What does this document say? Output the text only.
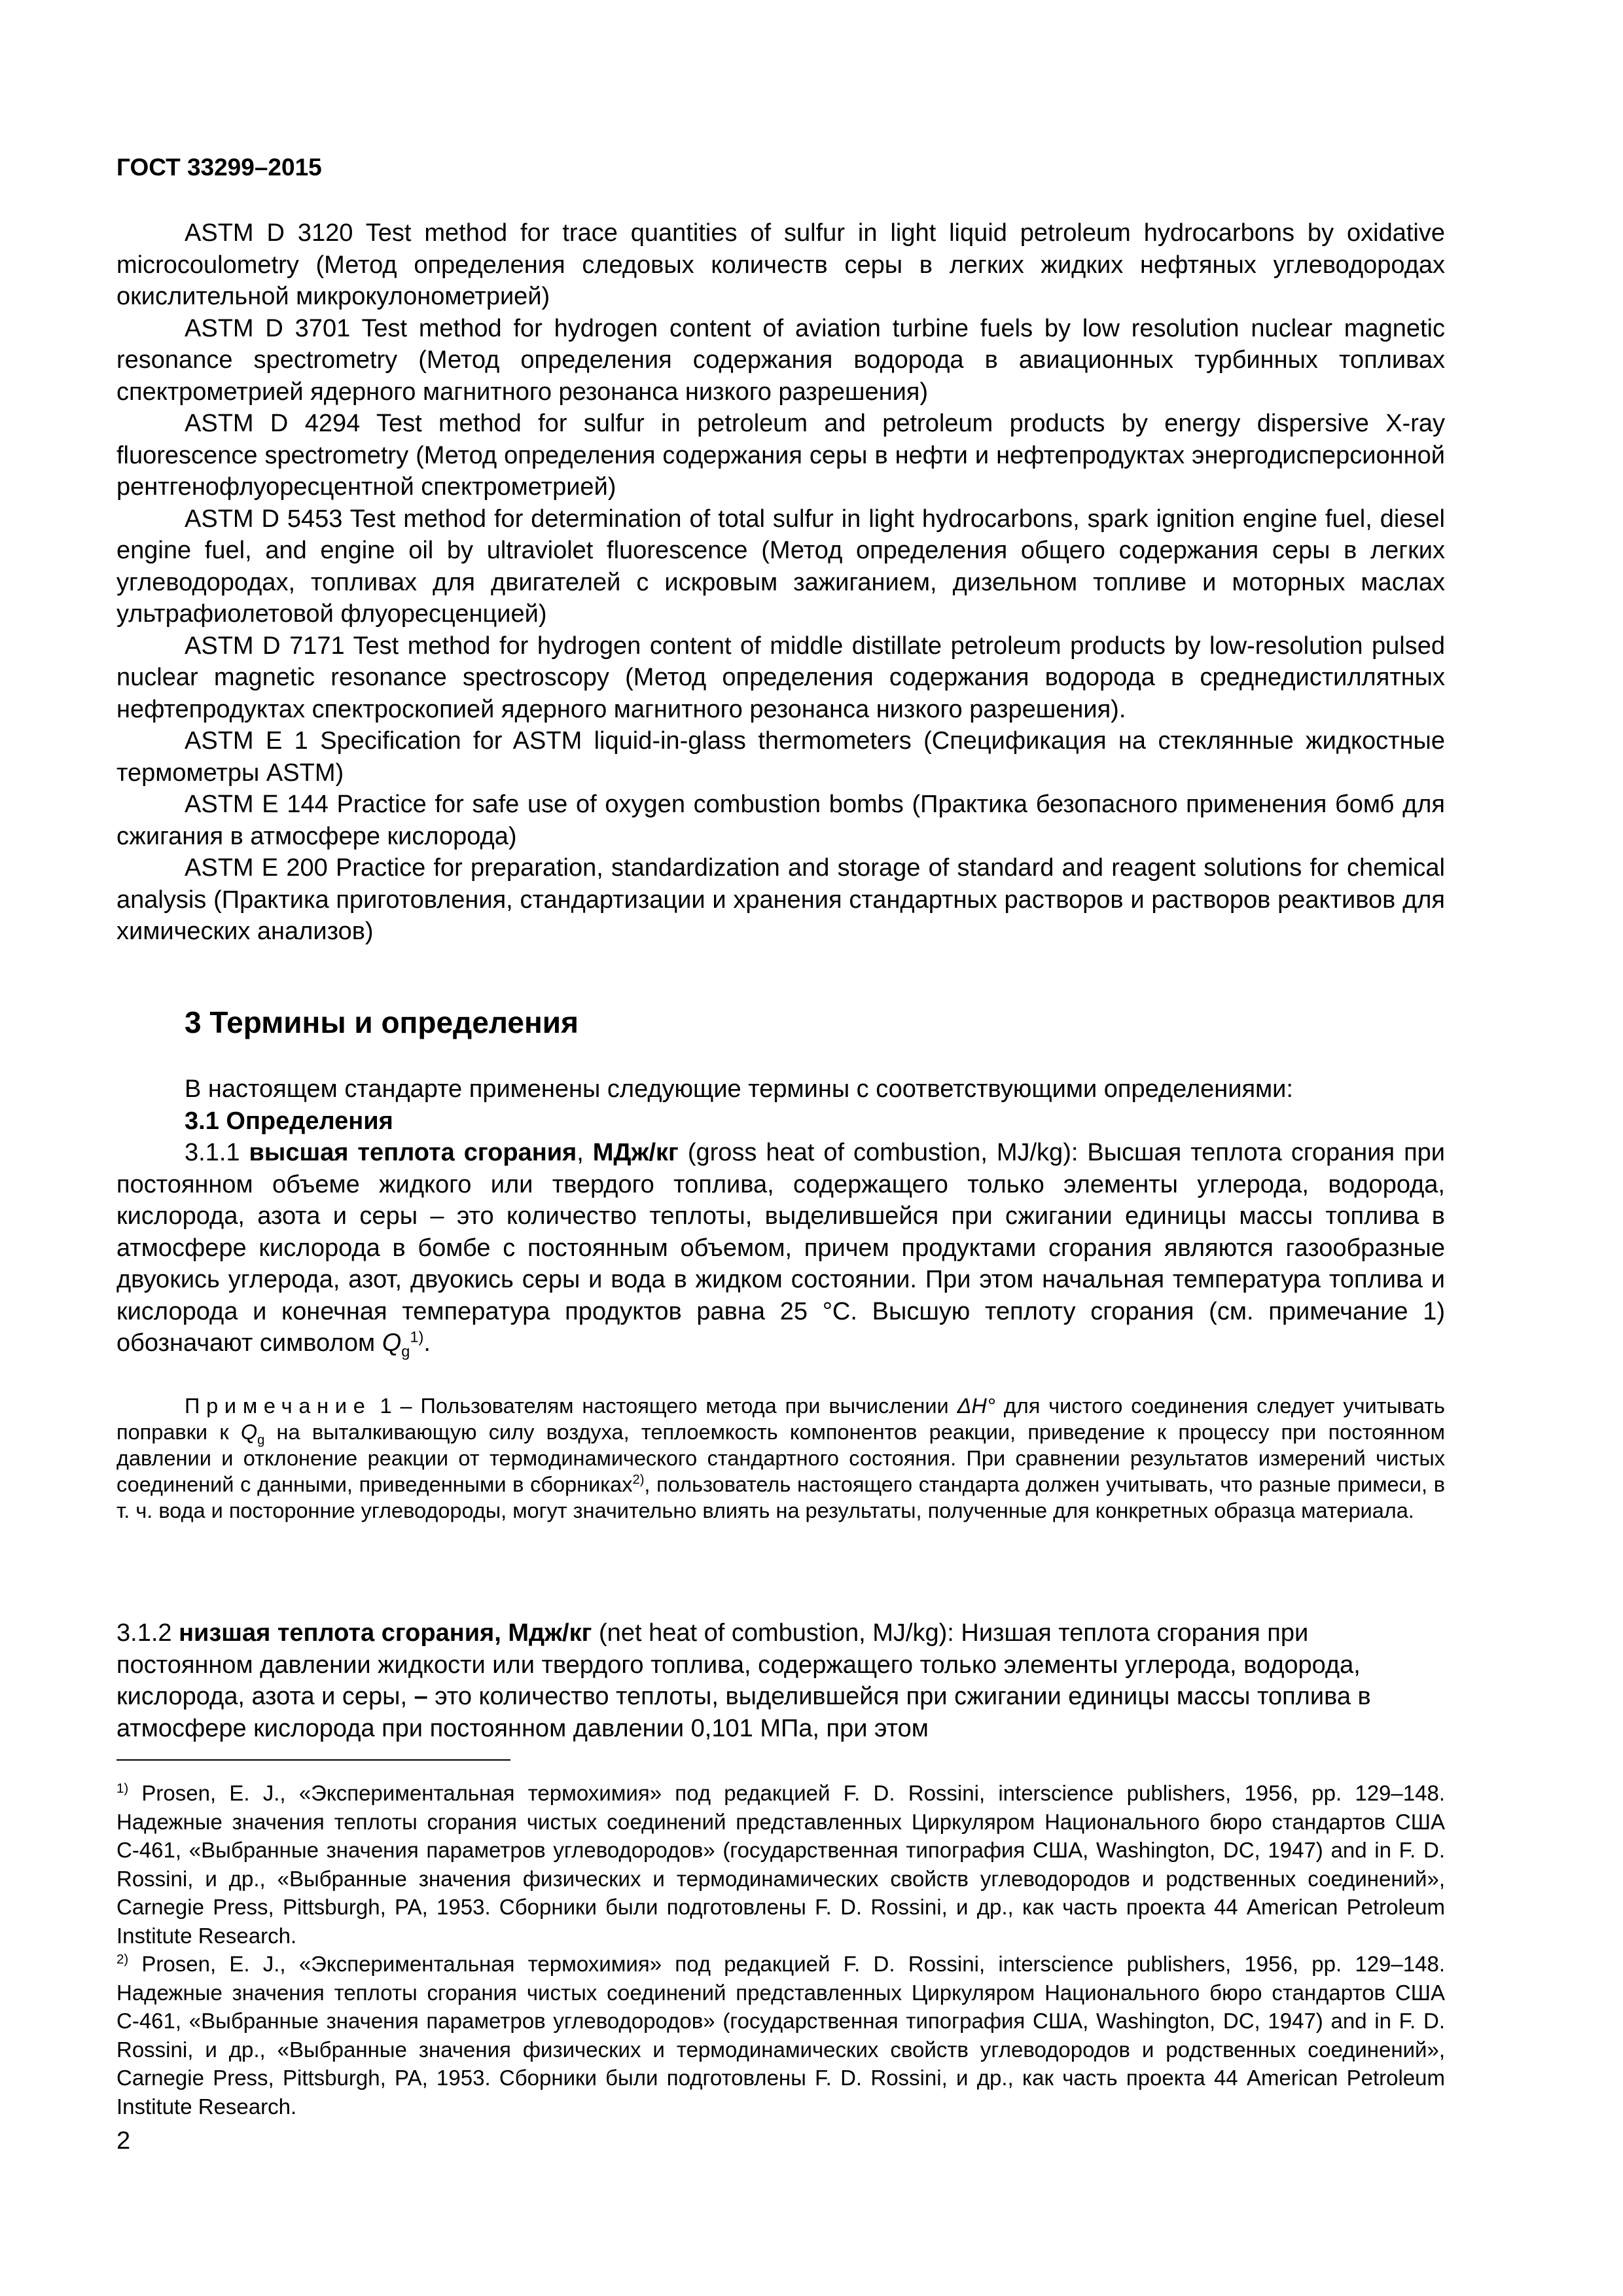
ГОСТ 33299–2015

ASTM D 3120 Test method for trace quantities of sulfur in light liquid petroleum hydrocarbons by oxidative microcoulometry (Метод определения следовых количеств серы в легких жидких нефтяных углеводородах окислительной микрокулонометрией)

ASTM D 3701 Test method for hydrogen content of aviation turbine fuels by low resolution nuclear magnetic resonance spectrometry (Метод определения содержания водорода в авиационных турбинных топливах спектрометрией ядерного магнитного резонанса низкого разрешения)

ASTM D 4294 Test method for sulfur in petroleum and petroleum products by energy dispersive X-ray fluorescence spectrometry (Метод определения содержания серы в нефти и нефтепродуктах энергодисперсионной рентгенофлуоресцентной спектрометрией)

ASTM D 5453 Test method for determination of total sulfur in light hydrocarbons, spark ignition engine fuel, diesel engine fuel, and engine oil by ultraviolet fluorescence (Метод определения общего содержания серы в легких углеводородах, топливах для двигателей с искровым зажиганием, дизельном топливе и моторных маслах ультрафиолетовой флуоресценцией)

ASTM D 7171 Test method for hydrogen content of middle distillate petroleum products by low-resolution pulsed nuclear magnetic resonance spectroscopy (Метод определения содержания водорода в среднедистиллятных нефтепродуктах спектроскопией ядерного магнитного резонанса низкого разрешения).

ASTM E 1 Specification for ASTM liquid-in-glass thermometers (Спецификация на стеклянные жидкостные термометры ASTM)

ASTM E 144 Practice for safe use of oxygen combustion bombs (Практика безопасного применения бомб для сжигания в атмосфере кислорода)

ASTM E 200 Practice for preparation, standardization and storage of standard and reagent solutions for chemical analysis (Практика приготовления, стандартизации и хранения стандартных растворов и растворов реактивов для химических анализов)

3 Термины и определения

В настоящем стандарте применены следующие термины с соответствующими определениями:

3.1 Определения

3.1.1 высшая теплота сгорания, МДж/кг (gross heat of combustion, MJ/kg): Высшая теплота сгорания при постоянном объеме жидкого или твердого топлива, содержащего только элементы углерода, водорода, кислорода, азота и серы – это количество теплоты, выделившейся при сжигании единицы массы топлива в атмосфере кислорода в бомбе с постоянным объемом, причем продуктами сгорания являются газообразные двуокись углерода, азот, двуокись серы и вода в жидком состоянии. При этом начальная температура топлива и кислорода и конечная температура продуктов равна 25 °С. Высшую теплоту сгорания (см. примечание 1) обозначают символом $Q_g^{1)}$.

Примечание 1 – Пользователям настоящего метода при вычислении ΔH° для чистого соединения следует учитывать поправки к $Q_g$ на выталкивающую силу воздуха, теплоемкость компонентов реакции, приведение к процессу при постоянном давлении и отклонение реакции от термодинамического стандартного состояния. При сравнении результатов измерений чистых соединений с данными, приведенными в сборниках$^{2)}$, пользователь настоящего стандарта должен учитывать, что разные примеси, в т. ч. вода и посторонние углеводороды, могут значительно влиять на результаты, полученные для конкретных образца материала.

3.1.2 низшая теплота сгорания, Мдж/кг (net heat of combustion, MJ/kg): Низшая теплота сгорания при постоянном давлении жидкости или твердого топлива, содержащего только элементы углерода, водорода, кислорода, азота и серы, – это количество теплоты, выделившейся при сжигании единицы массы топлива в атмосфере кислорода при постоянном давлении 0,101 МПа, при этом

$^{1)}$ Prosen, E. J., «Экспериментальная термохимия» под редакцией F. D. Rossini, interscience publishers, 1956, pp. 129–148. Надежные значения теплоты сгорания чистых соединений представленных Циркуляром Национального бюро стандартов США С-461, «Выбранные значения параметров углеводородов» (государственная типография США, Washington, DC, 1947) and in F. D. Rossini, и др., «Выбранные значения физических и термодинамических свойств углеводородов и родственных соединений», Carnegie Press, Pittsburgh, PA, 1953. Сборники были подготовлены F. D. Rossini, и др., как часть проекта 44 American Petroleum Institute Research.

$^{2)}$ Prosen, E. J., «Экспериментальная термохимия» под редакцией F. D. Rossini, interscience publishers, 1956, pp. 129–148. Надежные значения теплоты сгорания чистых соединений представленных Циркуляром Национального бюро стандартов США С-461, «Выбранные значения параметров углеводородов» (государственная типография США, Washington, DC, 1947) and in F. D. Rossini, и др., «Выбранные значения физических и термодинамических свойств углеводородов и родственных соединений», Carnegie Press, Pittsburgh, PA, 1953. Сборники были подготовлены F. D. Rossini, и др., как часть проекта 44 American Petroleum Institute Research.

2
